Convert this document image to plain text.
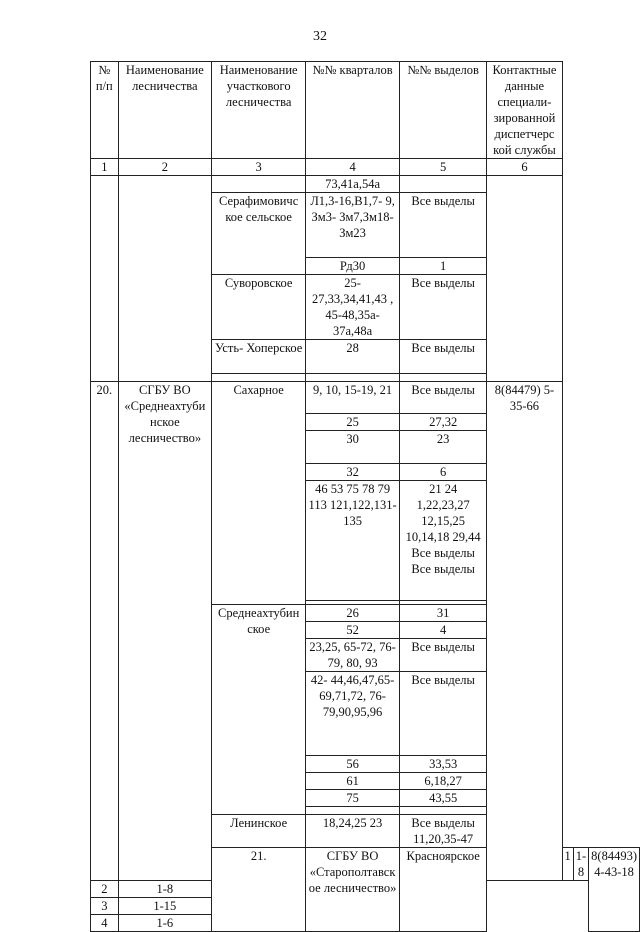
32
№ п/п	Наименование лесничества	Наименование участкового лесничества	№№ кварталов	№№ выделов	Контактные данные специали- зированной диспетчерс кой службы			
1	2	3	4	5	6			
			73,41а,54а					
		Серафимовичс кое сельское	Л1,3-16,В1,7- 9, Зм3- Зм7,Зм18- Зм23	Все выделы				
			Рд30	1				
		Суворовское	25- 27,33,34,41,43 , 45-48,35а- 37а,48а	Все выделы				
		Усть- Хоперское	28	Все выделы				

20.	СГБУ ВО «Среднеахтуби нское лесничество»	Сахарное	9, 10, 15-19, 21	Все выделы	8(84479) 5-35-66			
			25	27,32				
			30	23				

			32	6				
			46 53 75 78 79 113 121,122,131- 135	21 24 1,22,23,27 12,15,25 10,14,18 29,44 Все выделы Все выделы				

		Среднеахтубин ское	26	31				
			52	4				
			23,25, 65-72, 76-79, 80, 93	Все выделы				
			42- 44,46,47,65- 69,71,72, 76- 79,90,95,96	Все выделы				
			56	33,53				
			61	6,18,27				
			75	43,55				

		Ленинское	18,24,25 23	Все выделы 11,20,35-47				
		21.	СГБУ ВО «Старополтавск ое лесничество»	Красноярское		1	1-8	8(84493) 4-43-18
2	1-8							
3	1-15							
4	1-6							
